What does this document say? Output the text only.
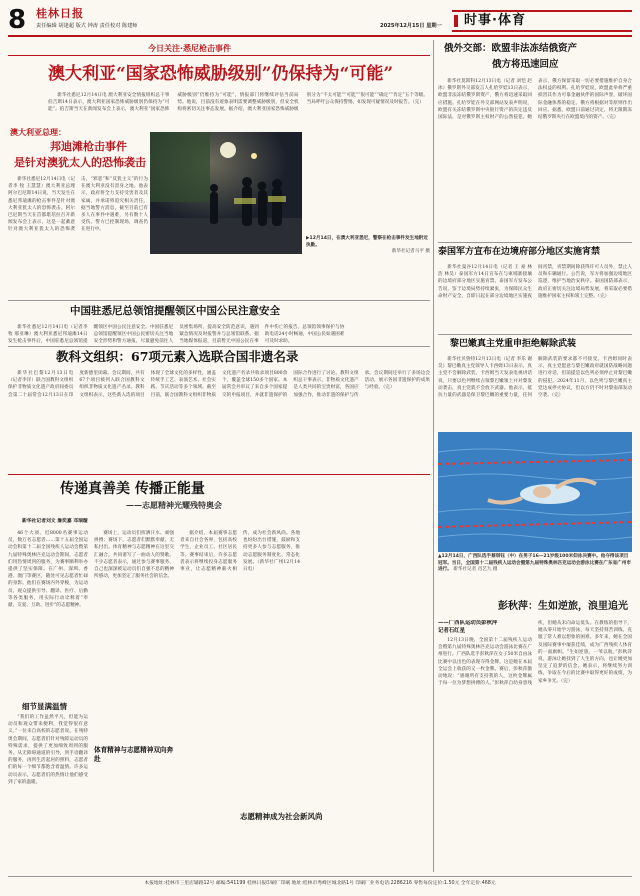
8 桂林日报
责任编辑 胡逢超 版式 钟涛 责任校对 陈建师	2025年12月15日 星期一 时事·体育
今日关注·悉尼枪击事件
澳大利亚“国家恐怖威胁级别”仍保持为“可能”

新华社悉尼12月14日电 澳大利亚安全情报组织总干事伯吉斯14日表示，澳大利亚国家恐怖威胁级别仍保持为“可能”。伯吉斯当天在新闻发布会上表示，澳大利亚“国家恐怖威胁级别”仍维持为“可能”，情报部门将继续评估当前局势。他说，目前没有迹象表明需要调整威胁级别，但安全机构将密切关注事态发展。据介绍，澳大利亚国家恐怖威胁级别分为“不太可能”“可能”“很可能”“确定”“肯定”五个等级。当局呼吁公众保持警惕，如发现可疑情况及时报告。（完）

澳大利亚总理：
邦迪滩枪击事件
是针对澳犹太人的恐怖袭击

新华社悉尼12月14日电（记者李 牧 王慧慧）澳大利亚总理阿尔巴尼斯14日说，当天发生在悉尼邦迪滩的枪击事件是针对澳大利亚犹太人的恐怖袭击。阿尔巴尼斯当天在首都堪培拉召开新闻发布会上表示，这是一起蓄意针对澳大利亚犹太人的恐怖袭击，“邪恶”和“反犹主义”的行为在澳大利亚没有容身之地。他表示，政府将全力支持受害者及其家属，并承诺将追究相关责任。据当地警方消息，截至目前已有多人在事件中遇难，另有数十人受伤。警方已控制现场，调查仍在进行中。

▶12月14日，在澳大利亚悉尼，警察在枪击事件发生地附近执勤。
新华社记者马平 摄
中国驻悉尼总领馆提醒领区中国公民注意安全

新华社悉尼12月14日电（记者李牧 郝亚琳）澳大利亚悉尼邦迪滩14日发生枪击事件后，中国驻悉尼总领馆提醒领区中国公民注意安全。中国驻悉尼总领馆提醒领区中国公民密切关注当地安全形势和警方通报，尽量避免前往人员密集场所，提高安全防范意识，遇到紧急情况及时报警并与总领馆联系。据当地媒体报道，目前暂无中国公民在事件中伤亡的报告。总领馆领事保护与协助电话24小时畅通，中国公民如遇困难可及时求助。

教科文组织：67项元素入选联合国非遗名录

新华社巴黎12月13日电（记者李洋）联合国教科文组织保护非物质文化遗产政府间委员会第二十届常会12月13日在印度新德里闭幕。会议期间，共有67个项目被列入联合国教科文组织非物质文化遗产名录。教科文组织表示，这些新入选的项目体现了全球文化的多样性，涵盖传统手工艺、表演艺术、社会实践、节庆活动等多个领域。截至目前，联合国教科文组织非物质文化遗产名录共收录项目800余个，覆盖全球150多个国家。本届常会共审议了来自多个国家提交的申报项目，并就非遗保护的国际合作进行了讨论。教科文组织总干事表示，非物质文化遗产是人类共同的宝贵财富，各国应加强合作，推动非遗的保护与传承。会议期间还举行了多场边会活动，展示各国非遗保护的成果与经验。（完）

传递真善美 传播正能量
——志愿精神光耀残特奥会
新华社记者刘文 詹奕嘉 邓瑞璇

46个大项、近8000名赛事运动员，数万名志愿者……第十五届全国运动会和第十二届全国残疾人运动会暨第九届特殊奥林匹克运动会期间，志愿者们用热情周到的服务，为赛事顺利举办提供了坚实保障。在广州、深圳、香港、澳门等赛区，随处可见志愿者忙碌的身影。他们在赛场内外穿梭，为运动员、观众提供引导、翻译、医疗、后勤等各类服务，用实际行动诠释着“奉献、友爱、互助、进步”的志愿精神。

细节显满温情

“我们的工作虽然平凡，但能为运动员和观众带来便利，我觉得很有意义。”一位来自高校的志愿者说。在残特奥会期间，志愿者们针对残障运动员的特殊需求，提供了更加细致周到的服务。从无障碍通道的引导，到手语翻译的服务，再到生活起居的照料，志愿者们的每一个细节都饱含着温情。许多运动员表示，志愿者们的热情让他们感受到了家的温暖。

赛场上，运动员们挥洒汗水、顽强拼搏；赛场下，志愿者们默默奉献、无私付出。体育精神与志愿精神在这里交汇融合，共同谱写了一曲动人的赞歌。不少志愿者表示，通过参与赛事服务，自己也深深被运动员们自强不息的精神所感动，更加坚定了服务社会的信念。

体育精神与志愿精神双向奔赴

据介绍，本届赛事志愿者来自社会各界，包括高校学生、企业员工、社区居民等。赛事结束后，许多志愿者表示将继续投身志愿服务事业，让志愿精神薪火相传，成为社会新风尚。各地也纷纷出台措施，鼓励和支持更多人参与志愿服务，推动志愿服务制度化、常态化发展。（新华社广州12月14日电）

志愿精神成为社会新风尚
俄外交部：欧盟非法冻结俄资产
俄方将迅速回应

新华社莫斯科12月13日电（记者 刘恺 赵冰）俄罗斯外交部发言人扎哈罗娃13日表示，欧盟非法冻结俄罗斯资产，俄方将迅速采取回应措施。扎哈罗娃在外交部网站发表声明说，欧盟有关冻结俄罗斯中央银行资产的决定违反国际法，是对俄罗斯主权财产的公然侵犯。她表示，俄方保留采取一切必要措施维护自身合法权益的权利。扎哈罗娃说，欧盟此举将严重损害其作为可靠金融伙伴的国际声誉，破坏国际金融体系的稳定。俄方将根据对等原则作出回应。据悉，欧盟日前通过决定，将无限期冻结俄罗斯央行在欧盟境内的资产。（完）

泰国军方宣布在边境府部分地区实施宵禁

新华社曼谷12月14日电（记者 王 豪 林浩 林昊）泰国军方14日宣布在与柬埔寨接壤的边境府部分地区实施宵禁。泰国军方发布公告说，鉴于边境局势持续紧张，为保障民众生命财产安全，自即日起在部分边境地区实施夜间宵禁，宵禁期间除获得许可人员外，禁止人员和车辆通行。公告说，军方将加强边境地区巡逻，维护当地治安秩序。泰国国防部表示，政府正密切关注边境局势发展，将采取必要措施维护国家主权和领土完整。（完）

黎巴嫩真主党重申拒绝解除武装

新华社贝鲁特12月13日电（记者 李乐 谢昊）黎巴嫩真主党领导人卡西姆13日表示，真主党不会解除武装。卡西姆当天发表电视讲话说，只要以色列继续占领黎巴嫩领土并对黎发动袭击，真主党就不会放下武器。他表示，抵抗力量的武器是保卫黎巴嫩的重要力量，任何解除武装的要求都不可接受。卡西姆同时表示，真主党愿意与黎巴嫩政府就国防战略问题进行对话，但前提是以色列必须停止对黎巴嫩的侵犯。2024年11月，以色列与黎巴嫩真主党达成停火协议，但以方仍不时对黎南部发动空袭。（完）

▲12月14日，广西队选手蔡琪钰（中）在男子16—21岁级100米仰泳决赛中。他夺得该项目冠军。当日，全国第十二届残疾人运动会暨第九届特殊奥林匹克运动会游泳比赛在广东省广州市进行。 新华社记者 肖艺九 摄
彭秋萍：生如逆旅，浪里追光
——广西队运动员彭秋萍
记者石红星

12月13日晚，全国第十二届残疾人运动会暨第九届特殊奥林匹克运动会游泳比赛在广州进行。广西队选手彭秋萍在女子50米自由泳比赛中以出色的表现夺得金牌。这是她在本届全运会上收获的又一枚金牌。赛后，彭秋萍激动地说：“感谢所有支持我的人，这枚金牌属于每一位为梦想拼搏的人。”彭秋萍自幼身患残疾，但她从未向命运低头。在教练的指导下，她从零开始学习游泳，每天坚持刻苦训练，克服了常人难以想象的困难。多年来，她在全国及国际赛事中屡获佳绩，成为广西残疾人体育的一面旗帜。“生如逆旅，一苇以航。”彭秋萍说，游泳让她找到了人生的方向，也让她更加坚定了追梦的信念。她表示，将继续努力训练，争取在今后的比赛中取得更好的成绩，为家乡争光。（完）

本报地址:桂林市三里店辅路12号 邮编:541199 桂林日报印刷厂印刷 地址:桂林市秀峰区城北路1号 印刷厂业务电话:2286216 零售每份定价:1.50元 全年定价:468元
